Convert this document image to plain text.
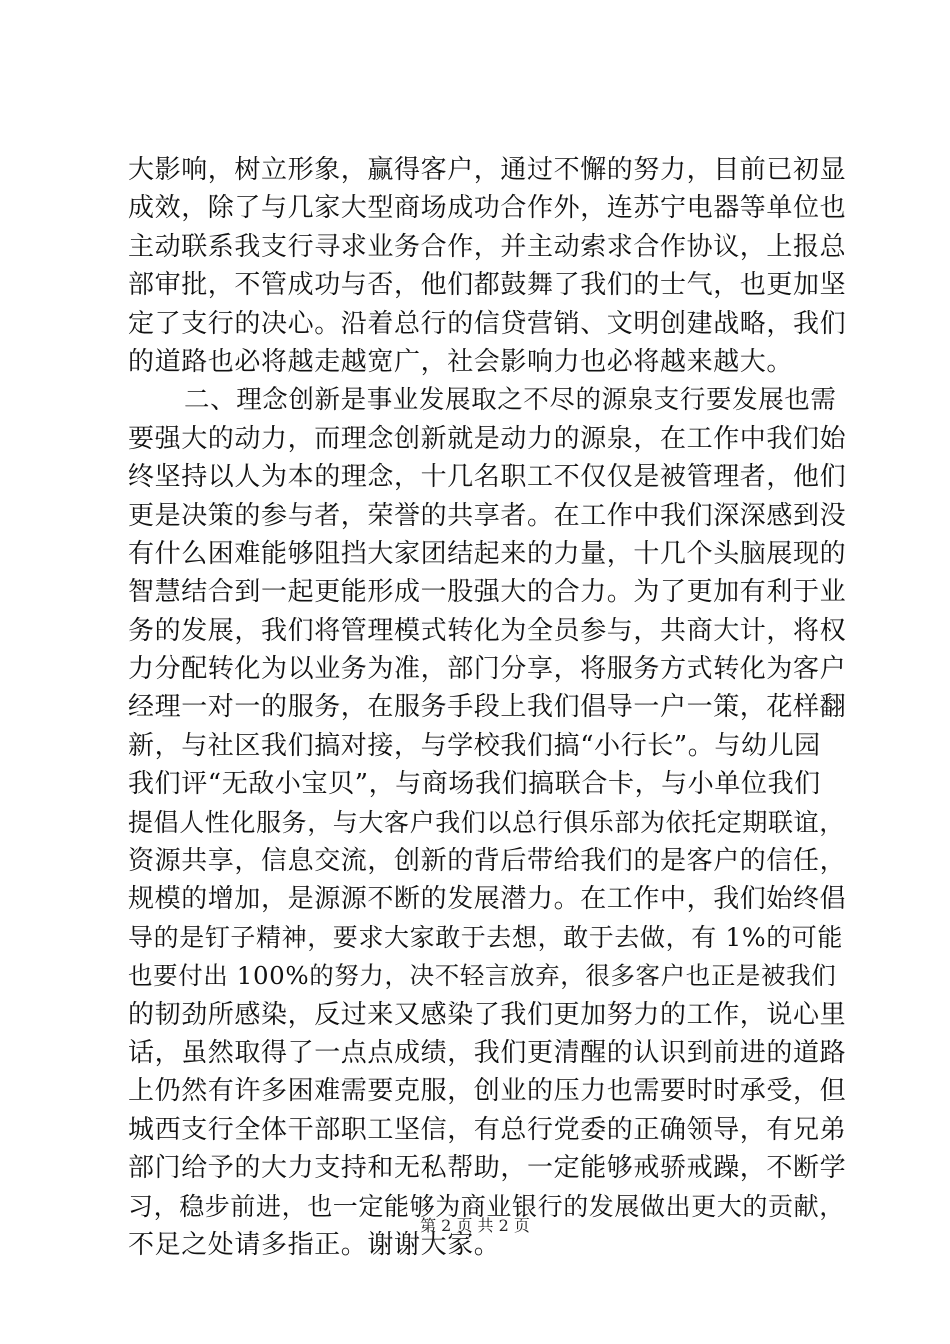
大影响，树立形象，赢得客户，通过不懈的努力，目前已初显
成效，除了与几家大型商场成功合作外，连苏宁电器等单位也
主动联系我支行寻求业务合作，并主动索求合作协议，上报总
部审批，不管成功与否，他们都鼓舞了我们的士气，也更加坚
定了支行的决心。沿着总行的信贷营销、文明创建战略，我们
的道路也必将越走越宽广，社会影响力也必将越来越大。
二、理念创新是事业发展取之不尽的源泉支行要发展也需
要强大的动力，而理念创新就是动力的源泉，在工作中我们始
终坚持以人为本的理念，十几名职工不仅仅是被管理者，他们
更是决策的参与者，荣誉的共享者。在工作中我们深深感到没
有什么困难能够阻挡大家团结起来的力量，十几个头脑展现的
智慧结合到一起更能形成一股强大的合力。为了更加有利于业
务的发展，我们将管理模式转化为全员参与，共商大计，将权
力分配转化为以业务为准，部门分享，将服务方式转化为客户
经理一对一的服务，在服务手段上我们倡导一户一策，花样翻
新，与社区我们搞对接，与学校我们搞“小行长”。与幼儿园
我们评“无敌小宝贝”，与商场我们搞联合卡，与小单位我们
提倡人性化服务，与大客户我们以总行俱乐部为依托定期联谊，
资源共享，信息交流，创新的背后带给我们的是客户的信任，
规模的增加，是源源不断的发展潜力。在工作中，我们始终倡
导的是钉子精神，要求大家敢于去想，敢于去做，有 1%的可能
也要付出 100%的努力，决不轻言放弃，很多客户也正是被我们
的韧劲所感染，反过来又感染了我们更加努力的工作，说心里
话，虽然取得了一点点成绩，我们更清醒的认识到前进的道路
上仍然有许多困难需要克服，创业的压力也需要时时承受，但
城西支行全体干部职工坚信，有总行党委的正确领导，有兄弟
部门给予的大力支持和无私帮助，一定能够戒骄戒躁，不断学
习，稳步前进，也一定能够为商业银行的发展做出更大的贡献，
不足之处请多指正。谢谢大家。
第 2 页 共 2 页
